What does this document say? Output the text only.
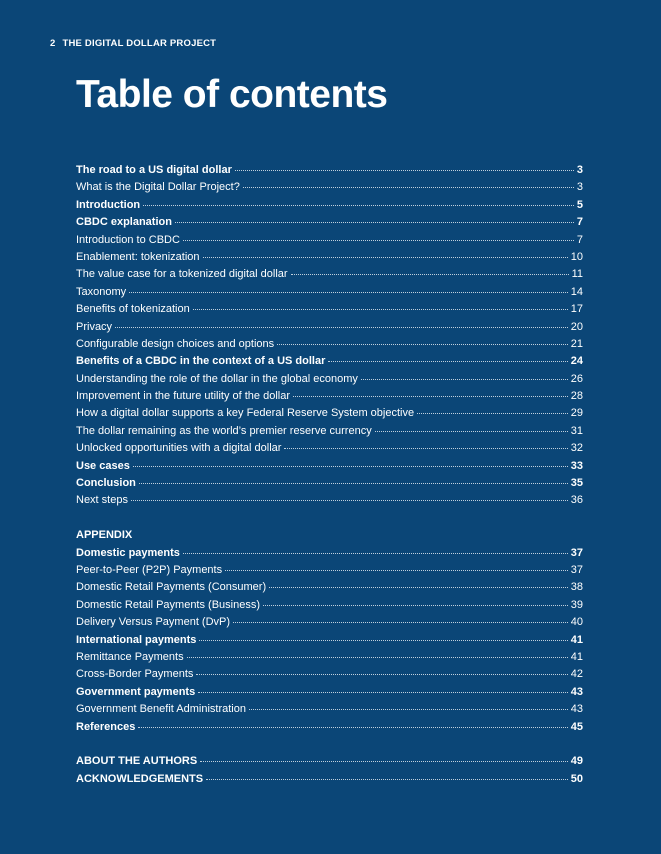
2 THE DIGITAL DOLLAR PROJECT
Table of contents
The road to a US digital dollar	3
What is the Digital Dollar Project?	3
Introduction	5
CBDC explanation	7
Introduction to CBDC	7
Enablement: tokenization	10
The value case for a tokenized digital dollar	11
Taxonomy	14
Benefits of tokenization	17
Privacy	20
Configurable design choices and options	21
Benefits of a CBDC in the context of a US dollar	24
Understanding the role of the dollar in the global economy	26
Improvement in the future utility of the dollar	28
How a digital dollar supports a key Federal Reserve System objective	29
The dollar remaining as the world’s premier reserve currency	31
Unlocked opportunities with a digital dollar	32
Use cases	33
Conclusion	35
Next steps	36
APPENDIX
Domestic payments	37
Peer-to-Peer (P2P) Payments	37
Domestic Retail Payments (Consumer)	38
Domestic Retail Payments (Business)	39
Delivery Versus Payment (DvP)	40
International payments	41
Remittance Payments	41
Cross-Border Payments	42
Government payments	43
Government Benefit Administration	43
References	45
ABOUT THE AUTHORS	49
ACKNOWLEDGEMENTS	50
